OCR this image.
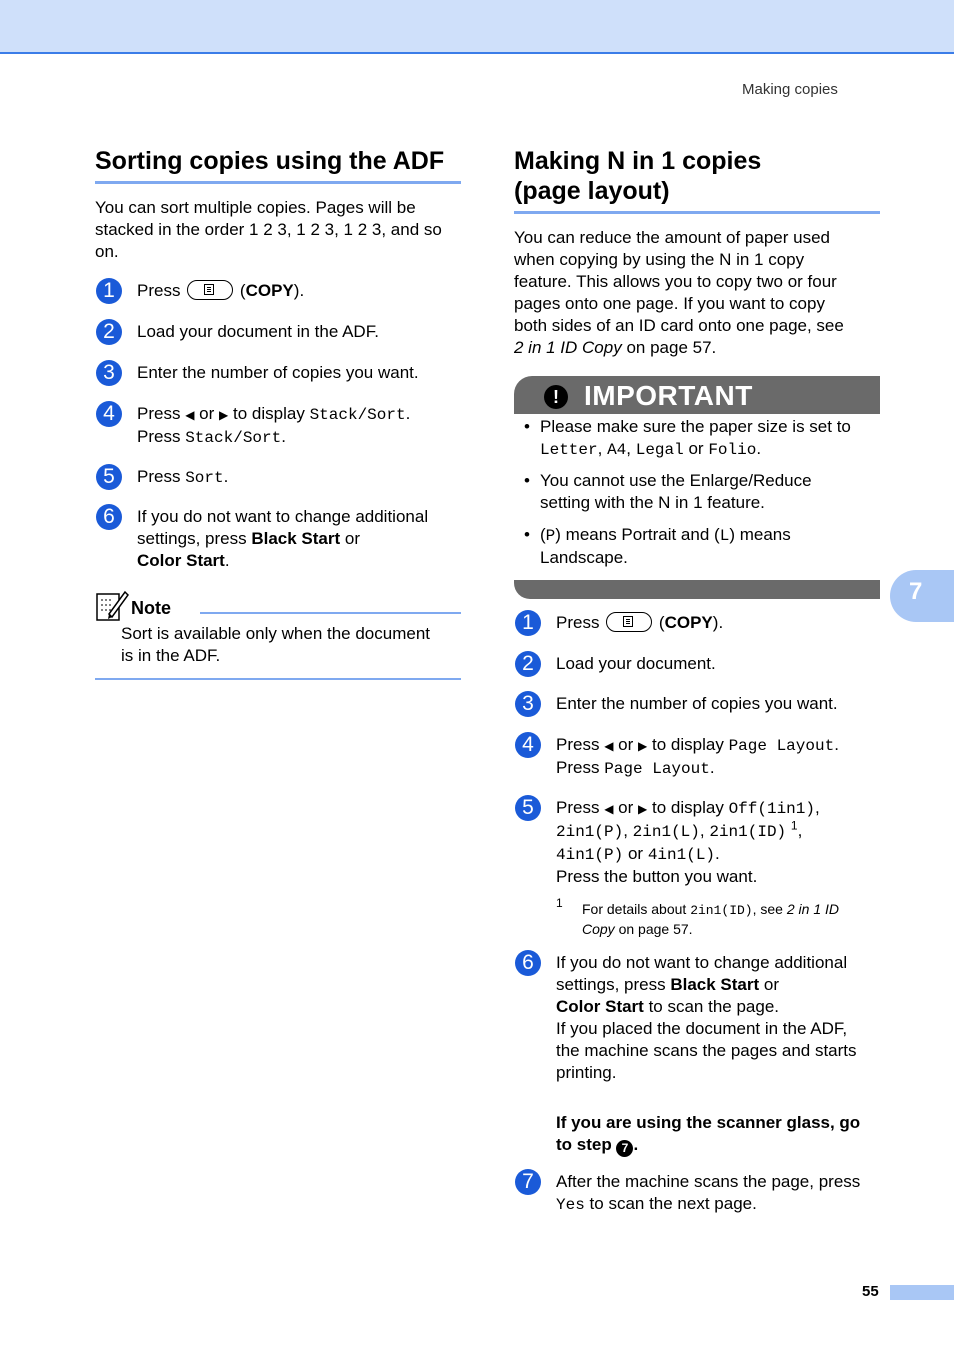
Making copies
Sorting copies using the ADF

You can sort multiple copies. Pages will be
stacked in the order 1 2 3, 1 2 3, 1 2 3, and so
on.

1	Press	(COPY).
2	Load your document in the ADF.
3	Enter the number of copies you want.
4	Press ◀ or ▶ to display Stack/Sort.
Press Stack/Sort.
5	Press Sort.
6	If you do not want to change additional
settings, press Black Start or
Color Start.
Note

Sort is available only when the document
is in the ADF.

Making N in 1 copies
(page layout)

You can reduce the amount of paper used
when copying by using the N in 1 copy
feature. This allows you to copy two or four
pages onto one page. If you want to copy
both sides of an ID card onto one page, see
2 in 1 ID Copy on page 57.

! IMPORTANT
• Please make sure the paper size is set to
Letter, A4, Legal or Folio.
• You cannot use the Enlarge/Reduce
setting with the N in 1 feature.
• (P) means Portrait and (L) means
Landscape.
1	Press	(COPY).
2	Load your document.
3	Enter the number of copies you want.
4	Press ◀ or ▶ to display Page Layout.
Press Page Layout.
5	Press ◀ or ▶ to display Off(1in1),
2in1(P), 2in1(L), 2in1(ID) $^1$,
4in1(P) or 4in1(L).
Press the button you want.
1 For details about 2in1(ID), see 2 in 1 ID
Copy on page 57.
6	If you do not want to change additional
settings, press Black Start or
Color Start to scan the page.
If you placed the document in the ADF,
the machine scans the pages and starts
printing.
If you are using the scanner glass, go
to step 7 .
7	After the machine scans the page, press
Yes to scan the next page.
7
55
